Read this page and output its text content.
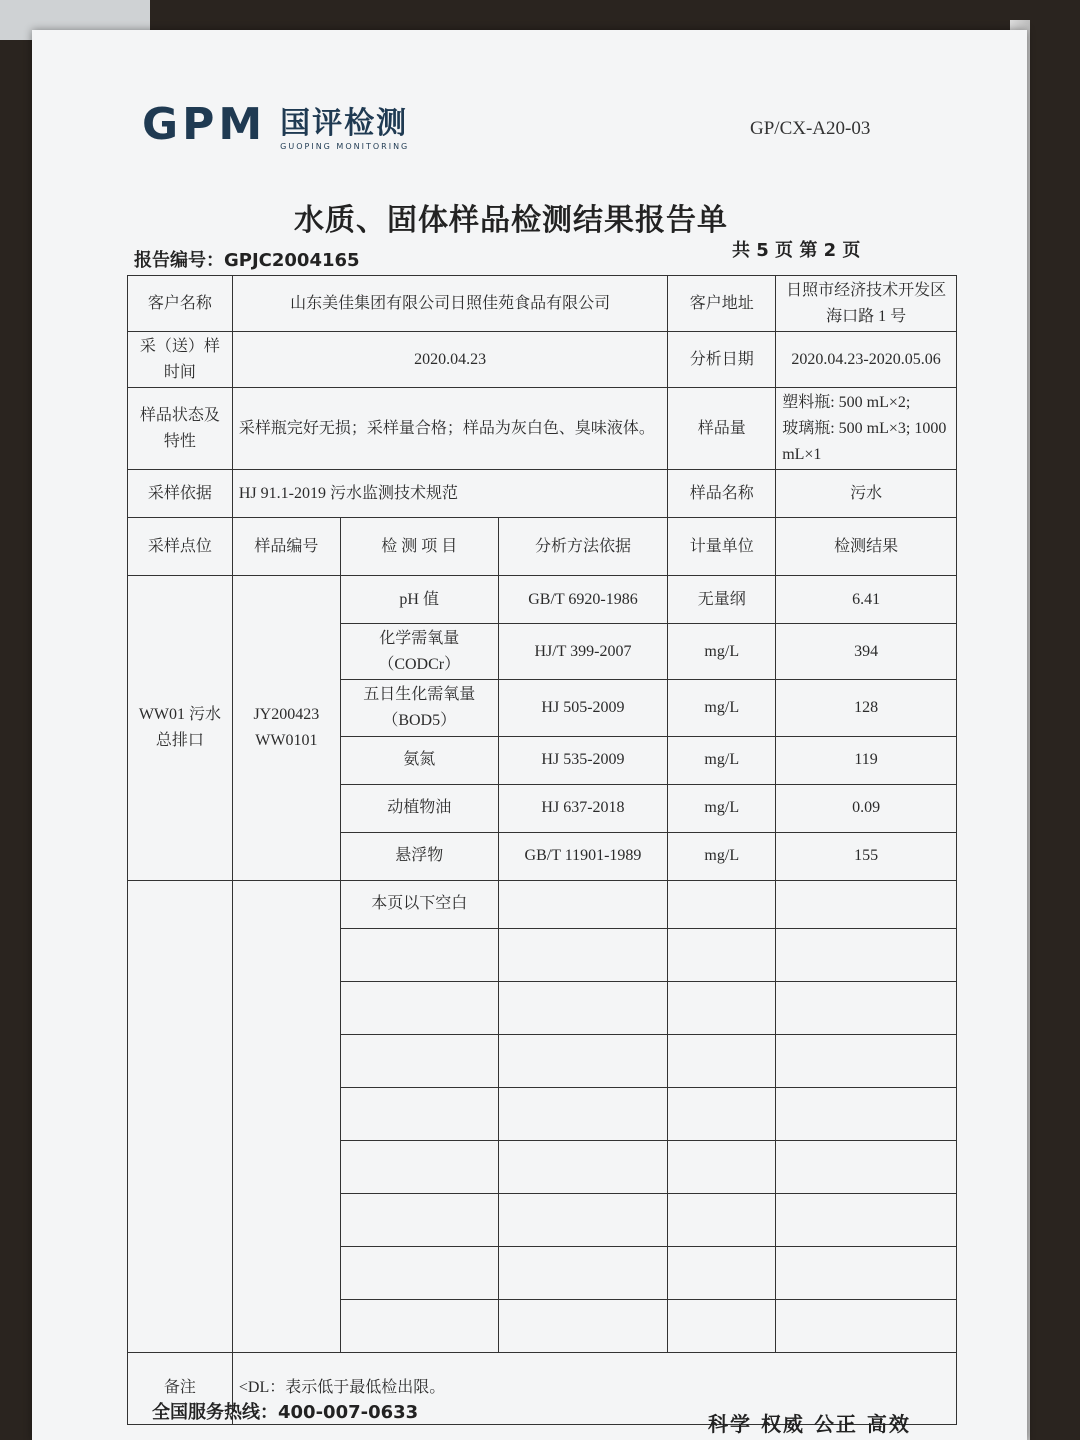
GPM 国评检测
GUOPING MONITORING
GP/CX-A20-03
水质、固体样品检测结果报告单
报告编号：GPJC2004165	共 5 页 第 2 页
客户名称	山东美佳集团有限公司日照佳苑食品有限公司			客户地址	日照市经济技术开发区海口路 1 号
采（送）样时间	2020.04.23			分析日期	2020.04.23-2020.05.06
样品状态及特性	采样瓶完好无损；采样量合格；样品为灰白色、臭味液体。			样品量	塑料瓶: 500 mL×2;
玻璃瓶: 500 mL×3; 1000 mL×1

采样依据	HJ 91.1-2019 污水监测技术规范			样品名称	污水
采样点位	样品编号	检 测 项 目	分析方法依据	计量单位	检测结果
WW01 污水总排口	JY200423 WW0101	pH 值	GB/T 6920-1986	无量纲	6.41
		化学需氧量（CODCr）	HJ/T 399-2007	mg/L	394
		五日生化需氧量（BOD5）	HJ 505-2009	mg/L	128
		氨氮	HJ 535-2009	mg/L	119
		动植物油	HJ 637-2018	mg/L	0.09
		悬浮物	GB/T 11901-1989	mg/L	155
		本页以下空白			

备注	<DL：表示低于最低检出限。				
全国服务热线：400-007-0633	科学 权威 公正 高效
